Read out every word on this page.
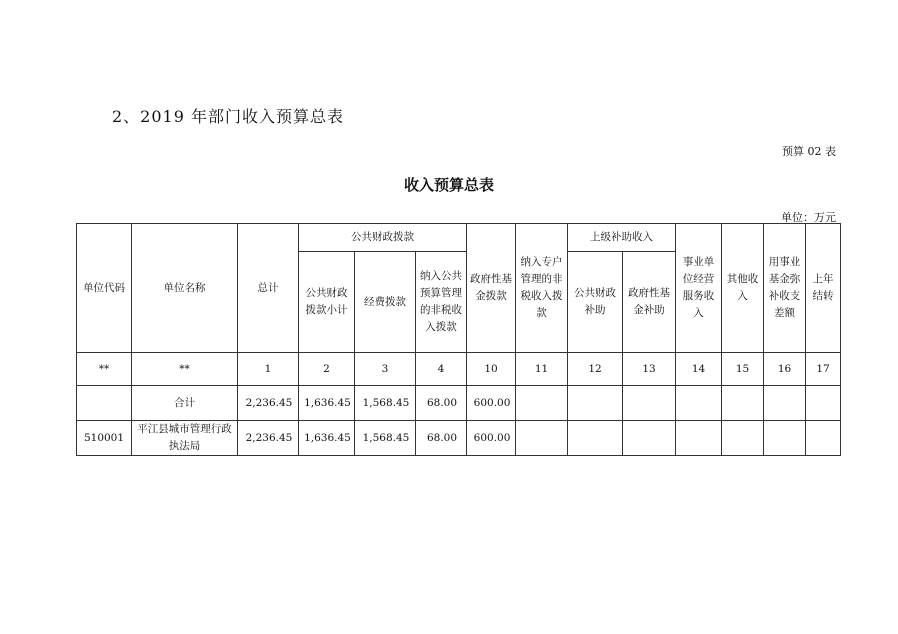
2、2019 年部门收入预算总表
预算 02 表
收入预算总表
单位：万元
单位代码	单位名称	总计	公共财政拨款			政府性基金拨款	纳入专户管理的非税收入拨款	上级补助收入		事业单位经营服务收入	其他收入	用事业基金弥补收支差额	上年结转
			公共财政拨款小计	经费拨款	纳入公共预算管理的非税收入拨款			公共财政补助	政府性基金补助				
**	**	1	2	3	4	10	11	12	13	14	15	16	17
	合计	2,236.45	1,636.45	1,568.45	68.00	600.00							
510001	平江县城市管理行政执法局	2,236.45	1,636.45	1,568.45	68.00	600.00							
